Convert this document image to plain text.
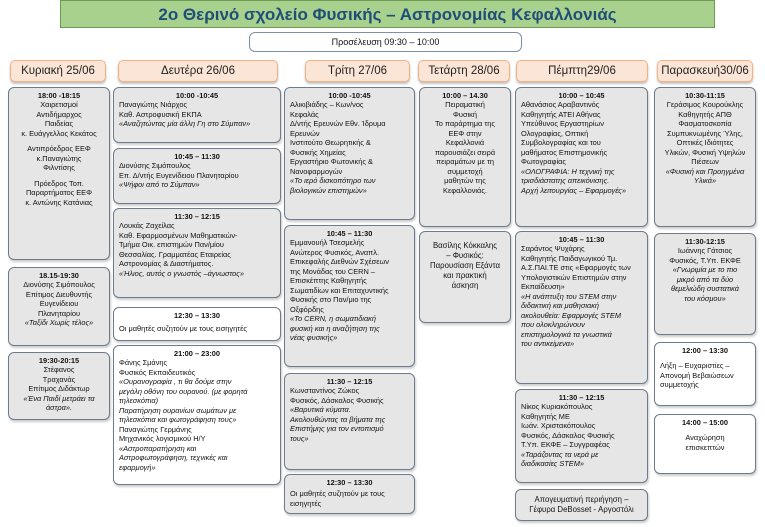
2ο Θερινό σχολείο Φυσικής – Αστρονομίας Κεφαλλονιάς
Προσέλευση 09:30 – 10:00
Κυριακή 25/06	Δευτέρα 26/06	Τρίτη 27/06	Τετάρτη 28/06	Πέμπτη29/06	Παρασκευή30/06
18:00 -18:15
Χαιρετισμοί
Αντιδήμαρχος
Παιδείας
κ. Ευάγγελλος Κεκάτος
Αντιπρόεδρος ΕΕΦ
κ.Παναγιώτης
Φιλντίσης
Πρόεδρος Τοπ.
Παραρτήματος ΕΕΦ
κ. Αντώνης Κατάνιας
18.15-19:30
Διονύσης Σιμόπουλος
Επίτιμος Διευθυντής
Ευγενίδειου
Πλανηταρίου
«Ταξίδι Χωρίς τέλος»
19:30-20:15
Στέφανος
Τραχανάς
Επίτιμος Διδάκτωρ
«Ένα Παιδί μετράει τα
άστρα».
10:00 -10:45
Παναγιώτης Νιάρχος
Καθ. Αστροφυσική ΕΚΠΑ
«Αναζητώντας μία άλλη Γη στο Σύμπαν»
10:45 – 11:30
Διονύσης Σιμόπουλος
Επ. Δ/ντής Ευγενίδειου Πλανηταρίου
«Ψήφοι από το Σύμπαν»
11:30 – 12:15
Λουκάς Ζαχείλας
Καθ. Εφαρμοσμένων Μαθηματικών-
Τμήμα Οικ. επιστημών Παν/μίου
Θεσσαλίας. Γραμματέας Εταιρείας
Αστρονομίας & Διαστήματος.
«Ήλιος, αυτός ο γνωστός –άγνωστος»
12:30 – 13:30
Οι μαθητές συζητούν με τους εισηγητές
21:00 – 23:00
Φάνης Σμάνης
Φυσικός Εκπαιδευτικός
«Ουρανογραφία , τι θα δούμε στην
μεγάλη οθόνη του ουρανού. (με φορητά
τηλεσκόπια)
Παρατήρηση ουρανίων σωμάτων με
τηλεσκόπια και φωτογράφηση τους»
Παναγιώτης Γερμάνης
Μηχανικός λογισμικού Η/Υ
«Αστροπαρατήρηση και
Αστροφωτογράφηση, τεχνικές και
εφαρμογή»
10:00 -10:45
Αλικιβιάδης – Κων/νος
Κεφαλάς
Δ/ντής Ερευνών Εθν. Ίδρυμα
Ερευνών
Ινστιτούτο Θεωρητικής &
Φυσικής Χημείας
Εργαστήριο Φωτονικής &
Νανοφαρμογών
«Το ιερό δισκοπότηρο των
βιολογικών επιστημών»
10:45 – 11:30
Εμμανουήλ Τσεσμελής
Ανώτερος Φυσικός, Αναπλ.
Επικεφαλής Διεθνών Σχέσεων
της Μονάδας του CERN –
Επισκέπτης Καθηγητής
Σωματιδίων και Επιταχυντικής
Φυσικής στο Παν/μιο της
Οξφόρδης
«Το CERN, η σωματιδιακή
φυσική και η αναζήτηση της
νέας φυσικής»
11:30 – 12:15
Κωνσταντίνος Ζώκος
Φυσικός, Δάσκαλος Φυσικής
«Βαρυτικά κύματα.
Ακολουθώντας τα βήματα της
Επιστήμης για τον εντοπισμό
τους»
12:30 – 13:30
Οι μαθητές συζητούν με τους
εισηγητές
10:00 – 14.30
Πειραματική
Φυσική
Το παράρτημα της
ΕΕΦ στην
Κεφαλλονιά
παρουσιάζει σειρά
πειραμάτων με τη
συμμετοχή
μαθητών της
Κεφαλλονιάς.
Βασίλης Κόκκαλης
– Φυσικός:
Παρουσίαση Εξάντα
και πρακτική
άσκηση
10:00 – 10:45
Αθανάσιος Αραβαντινός
Καθηγητής ΑΤΕΙ Αθήνας
Υπεύθυνος Εργαστηρίων
Ολογραφίας, Οπτική
Συμβολογραφίας και του
μαθήματος Επιστημονικής
Φωτογραφίας
«ΟΛΟΓΡΑΦΙΑ: Η τεχνική της
τρισδιάστατης απεικόνισης.
Αρχή λειτουργίας – Εφαρμογές»
10:45 – 11:30
Σαράντος Ψυχάρης
Καθηγητής Παιδαγωγικού Τμ.
Α.Σ.ΠΑΙ.ΤΕ στις «Εφαρμογές των
Υπολογιστικών Επιστημών στην
Εκπαίδευση»
«Η ανάπτυξη του STEM στην
διδακτική και μαθησιακή
ακολουθεία: Εφαρμογές STEM
που ολοκληρώνουν
επιστημολογικά τα γνωστικά
του αντικείμενα»
11:30 – 12:15
Νίκος Κυριακόπουλος
Καθηγητής ΜΕ
Ιωάν. Χριστακόπουλος
Φυσικός, Δάσκαλος Φυσικής
Τ.Υπ. ΕΚΦΕ – Συγγραφέας
«Ταράζοντας τα νερά με
διαδικασίες STEM»
Απογευματινή περιήγηση –
Γέφυρα DeBosset - Αργοστόλι
10:30-11:15
Γεράσιμος Κουρούκλης
Καθηγητής ΑΠΘ
Φασματοσκοπία
Συμπυκνωμένης Ύλης,
Οπτικές Ιδιότητες
Υλικών, Φυσική Υψηλών
Πιέσεων
«Φυσική και Προηγμένα
Υλικά»
11:30-12:15
Ιωάννης Γάτσιος
Φυσικός, Τ.Υπ. ΕΚΦΕ
«Γνωριμία με το πιο
μικρό από τα δύο
θεμελιώδη συστατικά
του κόσμου»
12:00 – 13:30
Λήξη – Ευχαριστίες –
Απονομή Βεβαιώσεων
συμμετοχής
14:00 – 15:00
Αναχώρηση
επισκεπτών
